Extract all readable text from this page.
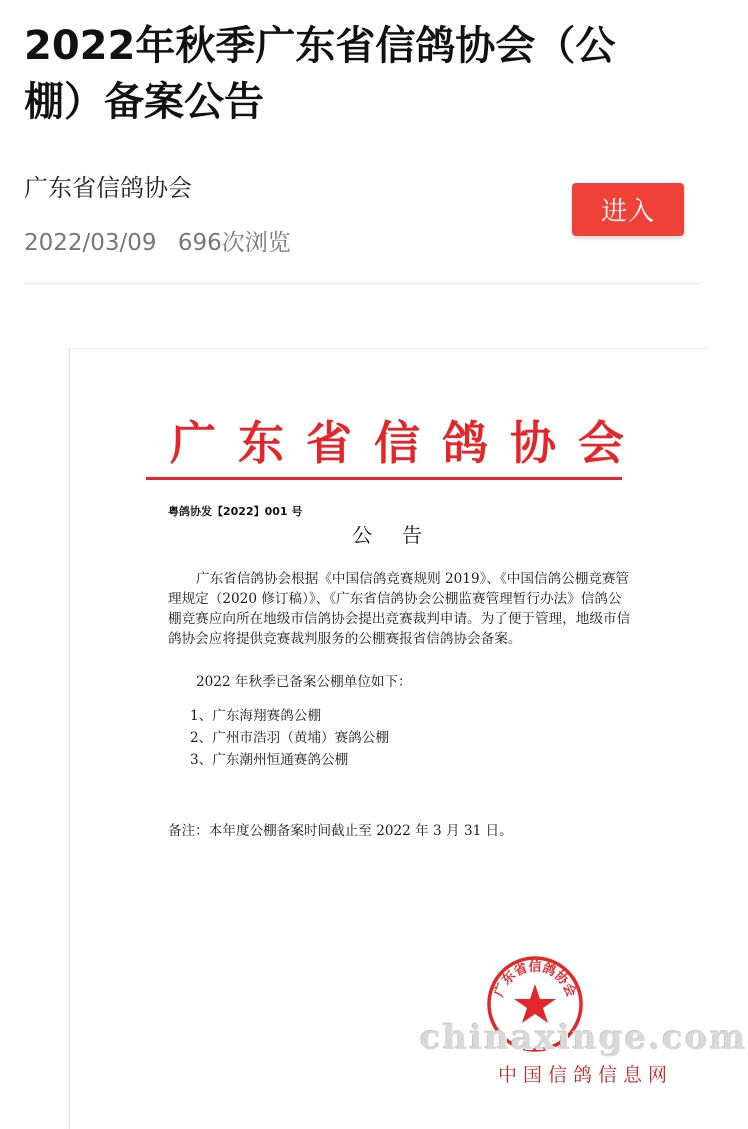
2022年秋季广东省信鸽协会（公棚）备案公告
广东省信鸽协会
2022/03/09 696次浏览
进入
广东省信鸽协会
粤鸽协发【2022】001 号
公告

广东省信鸽协会根据《中国信鸽竞赛规则 2019》、《中国信鸽公棚竞赛管理规定（2020 修订稿）》、《广东省信鸽协会公棚监赛管理暂行办法》信鸽公棚竞赛应向所在地级市信鸽协会提出竞赛裁判申请。为了便于管理，地级市信鸽协会应将提供竞赛裁判服务的公棚赛报省信鸽协会备案。

2022 年秋季已备案公棚单位如下：
1、广东海翔赛鸽公棚
2、广州市浩羽（黄埔）赛鸽公棚
3、广东潮州恒通赛鸽公棚
备注：本年度公棚备案时间截止至 2022 年 3 月 31 日。
广东省信鸽协会
chinaxinge.com
中国信鸽信息网
